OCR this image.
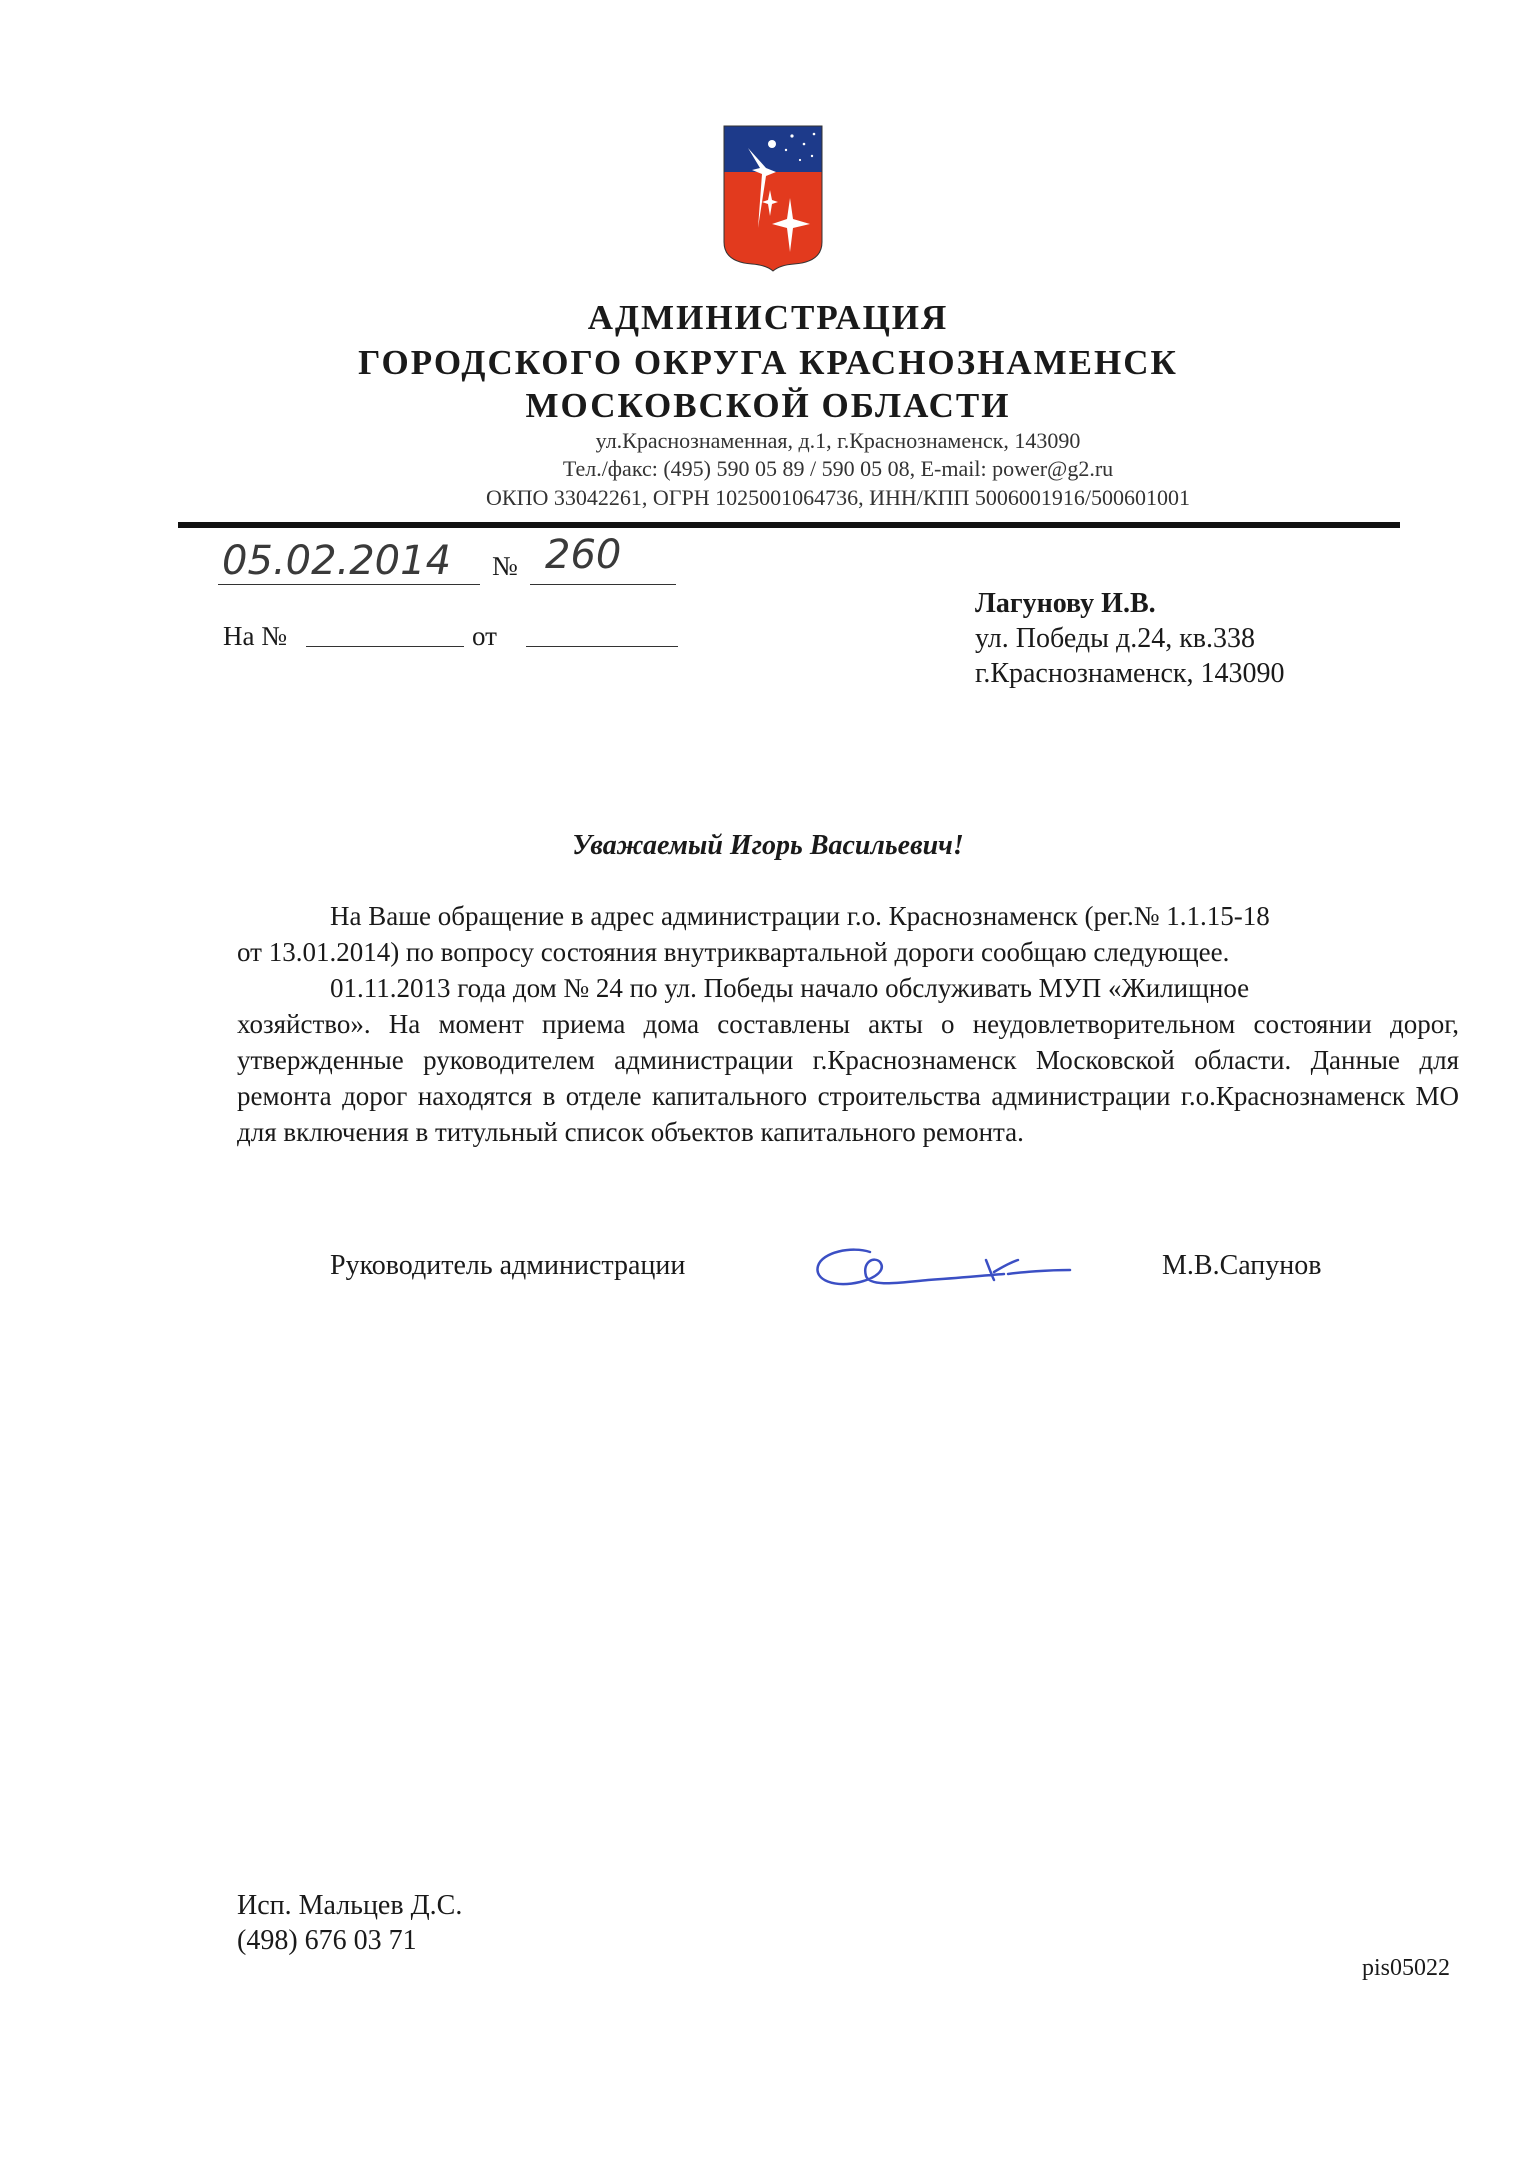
АДМИНИСТРАЦИЯ
ГОРОДСКОГО ОКРУГА КРАСНОЗНАМЕНСК
МОСКОВСКОЙ ОБЛАСТИ
ул.Краснознаменная, д.1, г.Краснознаменск, 143090
Тел./факс: (495) 590 05 89 / 590 05 08, E-mail: power@g2.ru
ОКПО 33042261, ОГРН 1025001064736, ИНН/КПП 5006001916/500601001
05.02.2014 № 260
На №	от
Лагунову И.В.
ул. Победы д.24, кв.338
г.Краснознаменск, 143090
Уважаемый Игорь Васильевич!
На Ваше обращение в адрес администрации г.о. Краснознаменск (рег.№ 1.1.15-18
от 13.01.2014) по вопросу состояния внутриквартальной дороги сообщаю следующее.
01.11.2013 года дом № 24 по ул. Победы начало обслуживать МУП «Жилищное
хозяйство». На момент приема дома составлены акты о неудовлетворительном состоянии дорог, утвержденные руководителем администрации г.Краснознаменск Московской области. Данные для ремонта дорог находятся в отделе капитального строительства администрации г.о.Краснознаменск МО для включения в титульный список объектов капитального ремонта.
Руководитель администрации	М.В.Сапунов
Исп. Мальцев Д.С.
(498) 676 03 71
pis05022
